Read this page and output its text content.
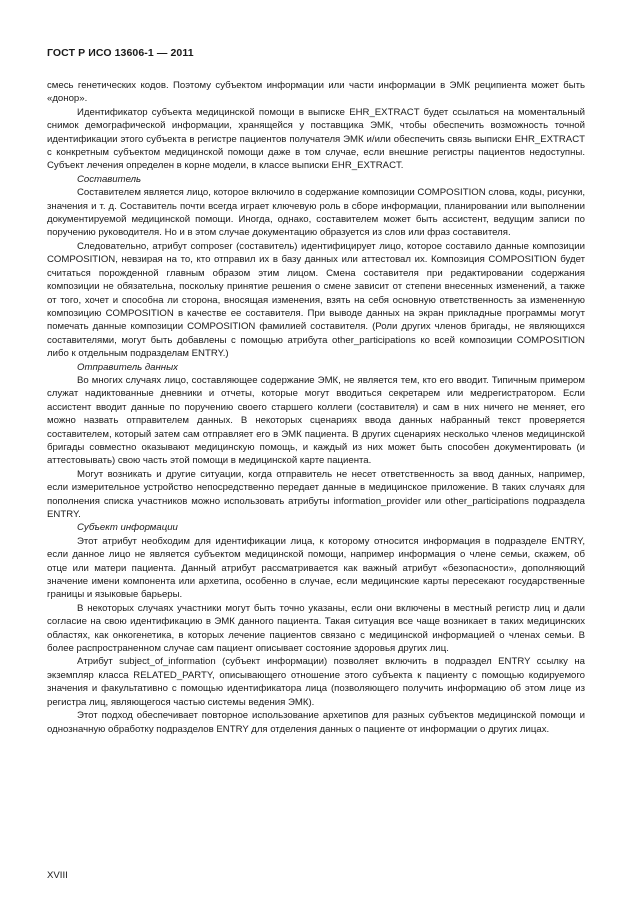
ГОСТ Р ИСО 13606-1 — 2011

смесь генетических кодов. Поэтому субъектом информации или части информации в ЭМК реципиента может быть «донор».

Идентификатор субъекта медицинской помощи в выписке EHR_EXTRACT будет ссылаться на моментальный снимок демографической информации, хранящейся у поставщика ЭМК, чтобы обеспечить возможность точной идентификации этого субъекта в регистре пациентов получателя ЭМК и/или обеспечить связь выписки EHR_EXTRACT с конкретным субъектом медицинской помощи даже в том случае, если внешние регистры пациентов недоступны. Субъект лечения определен в корне модели, в классе выписки EHR_EXTRACT.

Составитель

Составителем является лицо, которое включило в содержание композиции COMPOSITION слова, коды, рисунки, значения и т. д. Составитель почти всегда играет ключевую роль в сборе информации, планировании или выполнении документируемой медицинской помощи. Иногда, однако, составителем может быть ассистент, ведущим записи по поручению руководителя. Но и в этом случае документацию образуется из слов или фраз составителя.

Следовательно, атрибут composer (составитель) идентифицирует лицо, которое составило данные композиции COMPOSITION, невзирая на то, кто отправил их в базу данных или аттестовал их. Композиция COMPOSITION будет считаться порожденной главным образом этим лицом. Смена составителя при редактировании содержания композиции не обязательна, поскольку принятие решения о смене зависит от степени внесенных изменений, а также от того, хочет и способна ли сторона, вносящая изменения, взять на себя основную ответственность за измененную композицию COMPOSITION в качестве ее составителя. При выводе данных на экран прикладные программы могут помечать данные композиции COMPOSITION фамилией составителя. (Роли других членов бригады, не являющихся составителями, могут быть добавлены с помощью атрибута other_participations ко всей композиции COMPOSITION либо к отдельным подразделам ENTRY.)

Отправитель данных

Во многих случаях лицо, составляющее содержание ЭМК, не является тем, кто его вводит. Типичным примером служат надиктованные дневники и отчеты, которые могут вводиться секретарем или медрегистратором. Если ассистент вводит данные по поручению своего старшего коллеги (составителя) и сам в них ничего не меняет, его можно назвать отправителем данных. В некоторых сценариях ввода данных набранный текст проверяется составителем, который затем сам отправляет его в ЭМК пациента. В других сценариях несколько членов медицинской бригады совместно оказывают медицинскую помощь, и каждый из них может быть способен документировать (и аттестовывать) свою часть этой помощи в медицинской карте пациента.

Могут возникать и другие ситуации, когда отправитель не несет ответственность за ввод данных, например, если измерительное устройство непосредственно передает данные в медицинское приложение. В таких случаях для пополнения списка участников можно использовать атрибуты information_provider или other_participations подраздела ENTRY.

Субъект информации

Этот атрибут необходим для идентификации лица, к которому относится информация в подразделе ENTRY, если данное лицо не является субъектом медицинской помощи, например информация о члене семьи, скажем, об отце или матери пациента. Данный атрибут рассматривается как важный атрибут «безопасности», дополняющий значение имени компонента или архетипа, особенно в случае, если медицинские карты пересекают государственные границы и языковые барьеры.

В некоторых случаях участники могут быть точно указаны, если они включены в местный регистр лиц и дали согласие на свою идентификацию в ЭМК данного пациента. Такая ситуация все чаще возникает в таких медицинских областях, как онкогенетика, в которых лечение пациентов связано с медицинской информацией о членах семьи. В более распространенном случае сам пациент описывает состояние здоровья других лиц.

Атрибут subject_of_information (субъект информации) позволяет включить в подраздел ENTRY ссылку на экземпляр класса RELATED_PARTY, описывающего отношение этого субъекта к пациенту с помощью кодируемого значения и факультативно с помощью идентификатора лица (позволяющего получить информацию об этом лице из регистра лиц, являющегося частью системы ведения ЭМК).

Этот подход обеспечивает повторное использование архетипов для разных субъектов медицинской помощи и однозначную обработку подразделов ENTRY для отделения данных о пациенте от информации о других лицах.

XVIII
